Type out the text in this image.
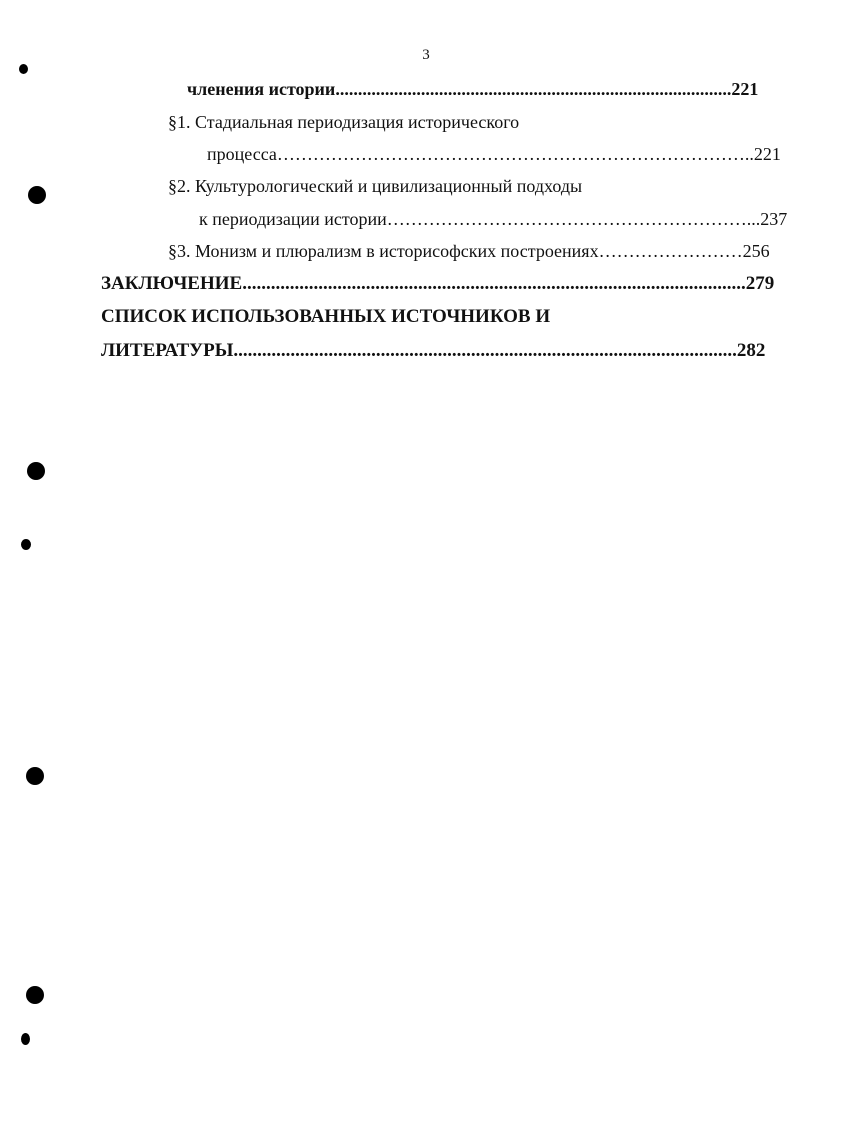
3
членения истории ...................................................................................... ..221
§1. Стадиальная периодизация исторического
процесса …………………………………………………………………… ..221
§2. Культурологический и цивилизационный подходы
к периодизации истории …………………………………………………… ...237
§3. Монизм и плюрализм в историсофских построениях …………………… 256
ЗАКЛЮЧЕНИЕ .......................................................................................................... 279
СПИСОК ИСПОЛЬЗОВАННЫХ ИСТОЧНИКОВ И
ЛИТЕРАТУРЫ .......................................................................................................... 282
